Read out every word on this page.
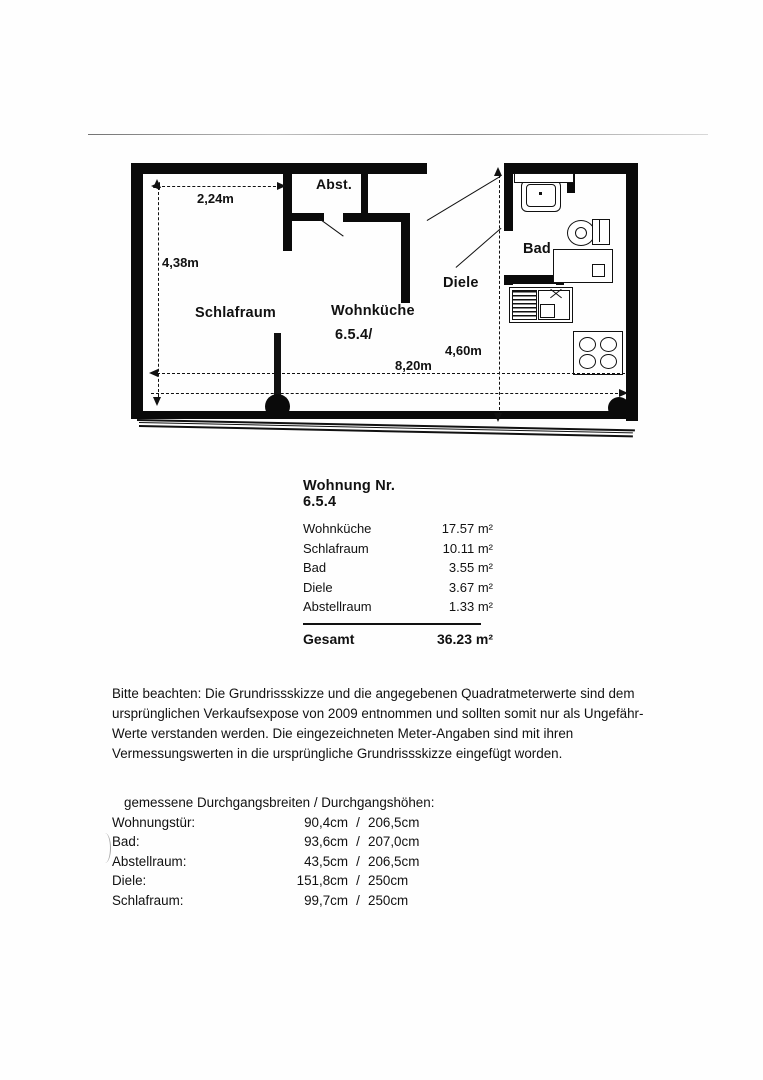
2,24m
4,38m
8,20m
4,60m
Abst.
Schlafraum	Wohnküche
6.5.4/
Diele
Bad
Wohnung Nr.
6.5.4
Wohnküche	17.57 m²
Schlafraum	10.11 m²
Bad	3.55 m²
Diele	3.67 m²
Abstellraum	1.33 m²
Gesamt	36.23 m²
Bitte beachten: Die Grundrissskizze und die angegebenen Quadratmeterwerte sind dem ursprünglichen Verkaufsexpose von 2009 entnommen und sollten somit nur als Ungefähr-Werte verstanden werden. Die eingezeichneten Meter-Angaben sind mit ihren Vermessungswerten in die ursprüngliche Grundrissskizze eingefügt worden.
gemessene Durchgangsbreiten / Durchgangshöhen:
Wohnungstür:	90,4cm / 206,5cm
Bad:	93,6cm / 207,0cm
Abstellraum:	43,5cm / 206,5cm
Diele:	151,8cm / 250cm
Schlafraum:	99,7cm / 250cm
